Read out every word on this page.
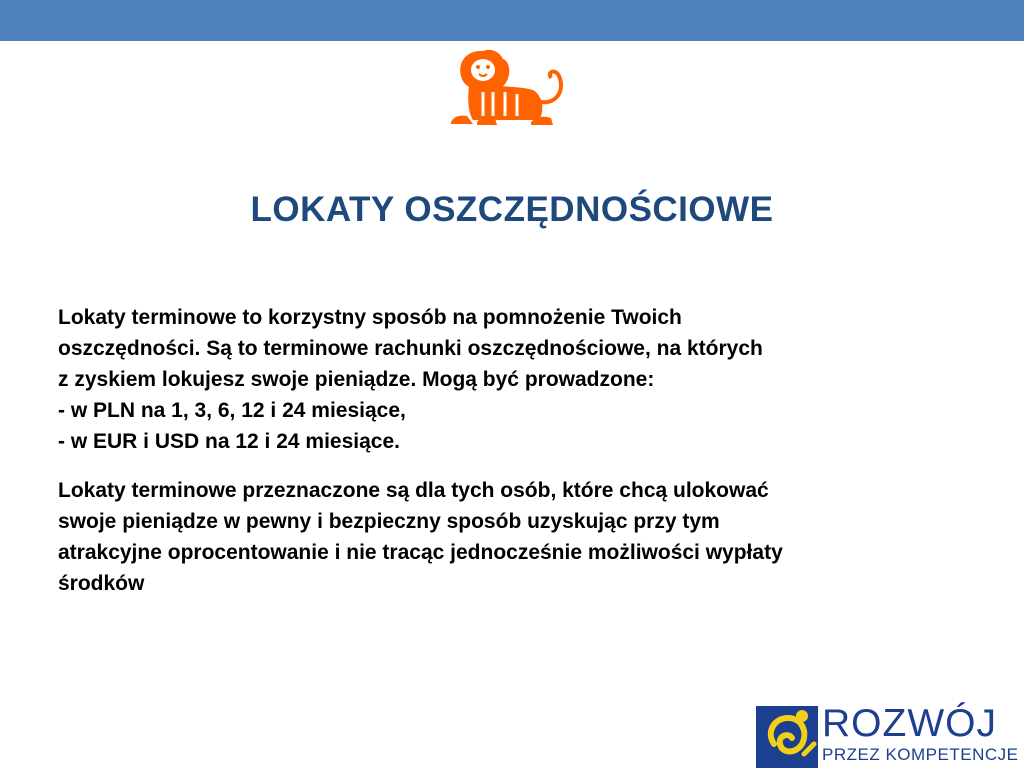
LOKATY OSZCZĘDNOŚCIOWE

Lokaty terminowe to korzystny sposób na pomnożenie Twoich
oszczędności. Są to terminowe rachunki oszczędnościowe, na których
z zyskiem lokujesz swoje pieniądze. Mogą być prowadzone:
- w PLN na 1, 3, 6, 12 i 24 miesiące,
- w EUR i USD na 12 i 24 miesiące.

Lokaty terminowe przeznaczone są dla tych osób, które chcą ulokować
swoje pieniądze w pewny i bezpieczny sposób uzyskując przy tym
atrakcyjne oprocentowanie i nie tracąc jednocześnie możliwości wypłaty
środków

ROZWÓJ
PRZEZ KOMPETENCJE
